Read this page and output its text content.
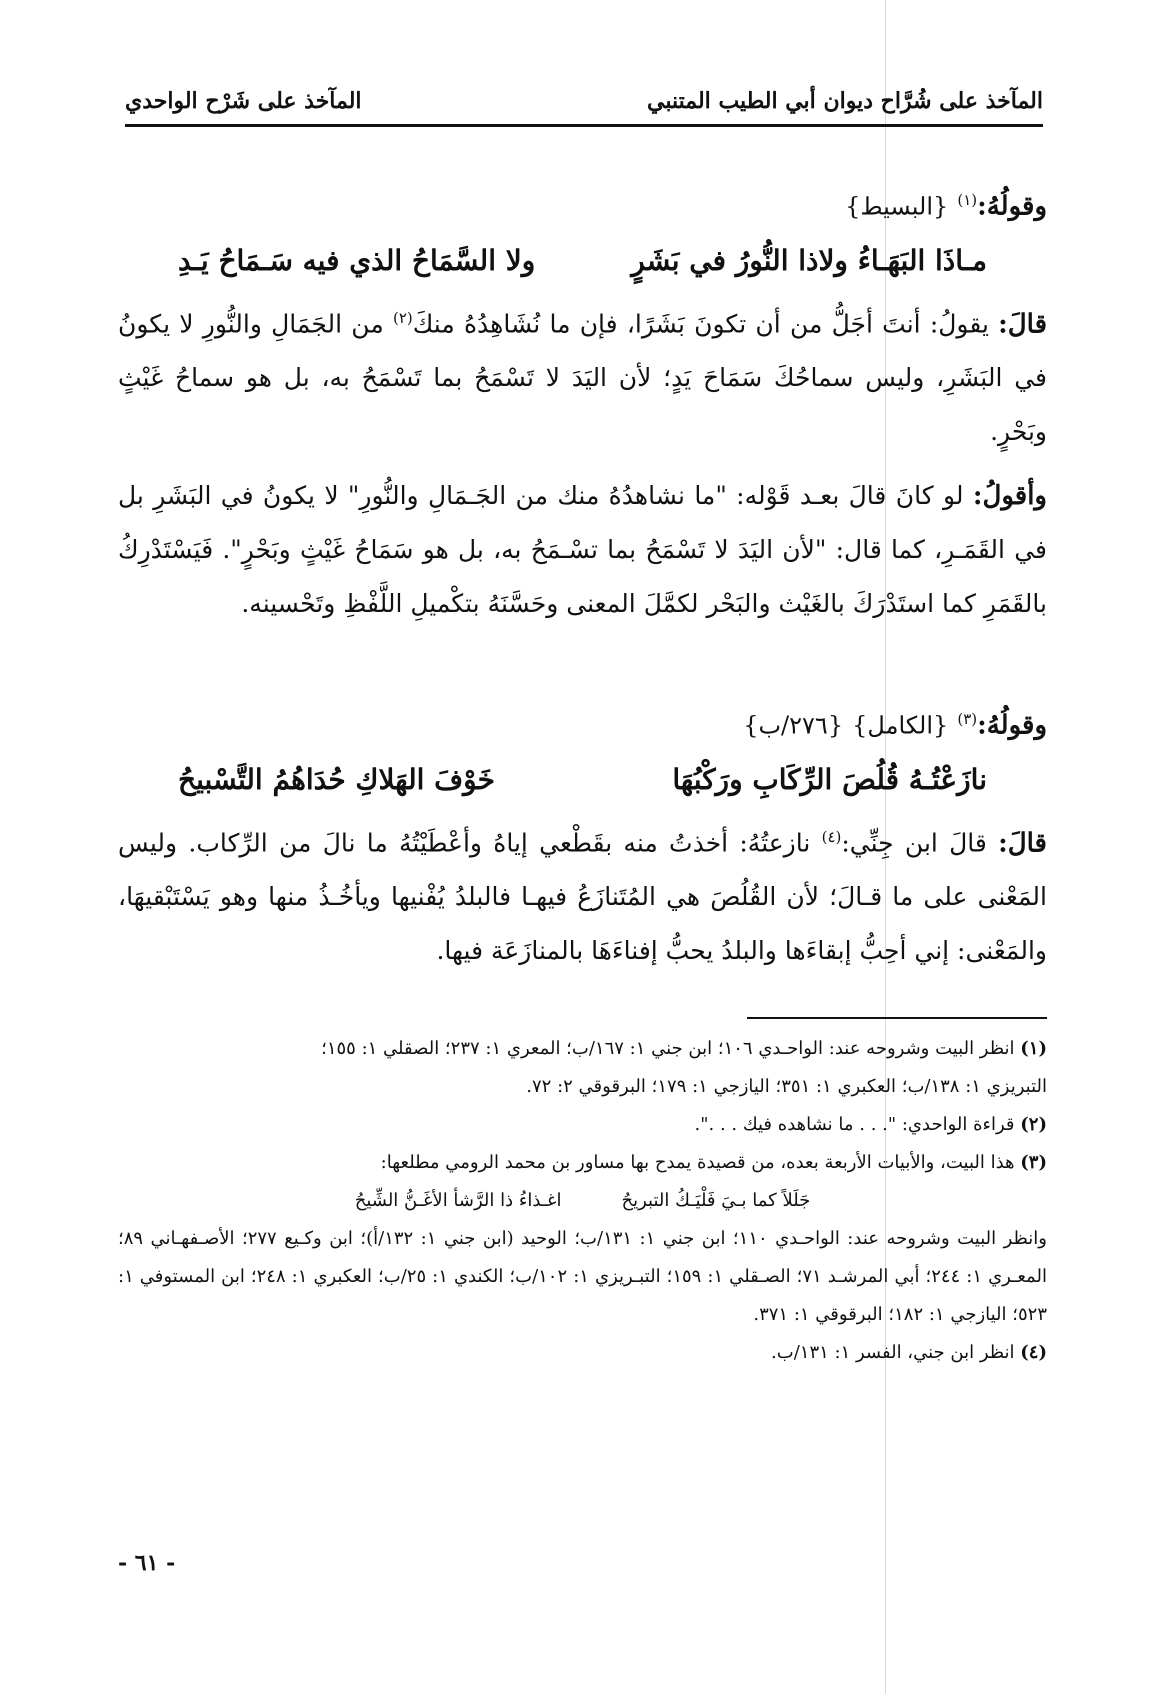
المآخذ على شُرَّاح ديوان أبي الطيب المتنبي
المآخذ على شَرْح الواحدي
وقولُهُ:$^{(١)}$ {البسيط}
مـاذَا البَهَـاءُ ولاذا النُّورُ في بَشَرٍ
ولا السَّمَاحُ الذي فيه سَـمَاحُ يَـدِ

قالَ: يقولُ: أنتَ أجَلُّ من أن تكونَ بَشَرًا، فإن ما نُشَاهِدُهُ منكَ$^{(٢)}$ من الجَمَالِ والنُّورِ لا يكونُ في البَشَرِ، وليس سماحُكَ سَمَاحَ يَدٍ؛ لأن اليَدَ لا تَسْمَحُ بما تَسْمَحُ به، بل هو سماحُ غَيْثٍ وبَحْرٍ.

وأقولُ: لو كانَ قالَ بعـد قَوْله: "ما نشاهدُهُ منك من الجَـمَالِ والنُّورِ" لا يكونُ في البَشَرِ بل في القَمَـرِ، كما قال: "لأن اليَدَ لا تَسْمَحُ بما تسْـمَحُ به، بل هو سَمَاحُ غَيْثٍ وبَحْرٍ". فَيَسْتَدْرِكُ بالقَمَرِ كما استَدْرَكَ بالغَيْث والبَحْر لكمَّلَ المعنى وحَسَّنَهُ بتكْميلِ اللَّفْظِ وتَحْسينه.

وقولُهُ:$^{(٣)}$ {الكامل} {٢٧٦/ب}
نازَعْتُـهُ قُلُصَ الرِّكَابِ ورَكْبُهَا
خَوْفَ الهَلاكِ حُدَاهُمُ التَّسْبيحُ

قالَ: قالَ ابن جِنِّي:$^{(٤)}$ نازعتُهُ: أخذتُ منه بقَطْعي إياهُ وأعْطَيْتُهُ ما نالَ من الرِّكاب. وليس المَعْنى على ما قـالَ؛ لأن القُلُصَ هي المُتَنازَعُ فيهـا فالبلدُ يُفْنيها ويأخُـذُ منها وهو يَسْتَبْقيهَا، والمَعْنى: إني أحِبُّ إبقاءَها والبلدُ يحبُّ إفناءَهَا بالمنازَعَة فيها.

(١) انظر البيت وشروحه عند: الواحـدي ١٠٦؛ ابن جني ١: ١٦٧/ب؛ المعري ١: ٢٣٧؛ الصقلي ١: ١٥٥؛

التبريزي ١: ١٣٨/ب؛ العكبري ١: ٣٥١؛ اليازجي ١: ١٧٩؛ البرقوقي ٢: ٧٢.

(٢) قراءة الواحدي: ". . . ما نشاهده فيك . . .".

(٣) هذا البيت، والأبيات الأربعة بعده، من قصيدة يمدح بها مساور بن محمد الرومي مطلعها:

جَلَلاً كما بـيَ فَلْيَـكُ التبريحُ
اغـذاءُ ذا الرَّشأ الأغَـنُّ الشِّيحُ

وانظر البيت وشروحه عند: الواحـدي ١١٠؛ ابن جني ١: ١٣١/ب؛ الوحيد (ابن جني ١: ١٣٢/أ)؛ ابن وكـيع ٢٧٧؛ الأصـفهـاني ٨٩؛ المعـري ١: ٢٤٤؛ أبي المرشـد ٧١؛ الصـقلي ١: ١٥٩؛ التبـريزي ١: ١٠٢/ب؛ الكندي ١: ٢٥/ب؛ العكبري ١: ٢٤٨؛ ابن المستوفي ١: ٥٢٣؛ اليازجي ١: ١٨٢؛ البرقوقي ١: ٣٧١.

(٤) انظر ابن جني، الفسر ١: ١٣١/ب.

- ٦١ -
